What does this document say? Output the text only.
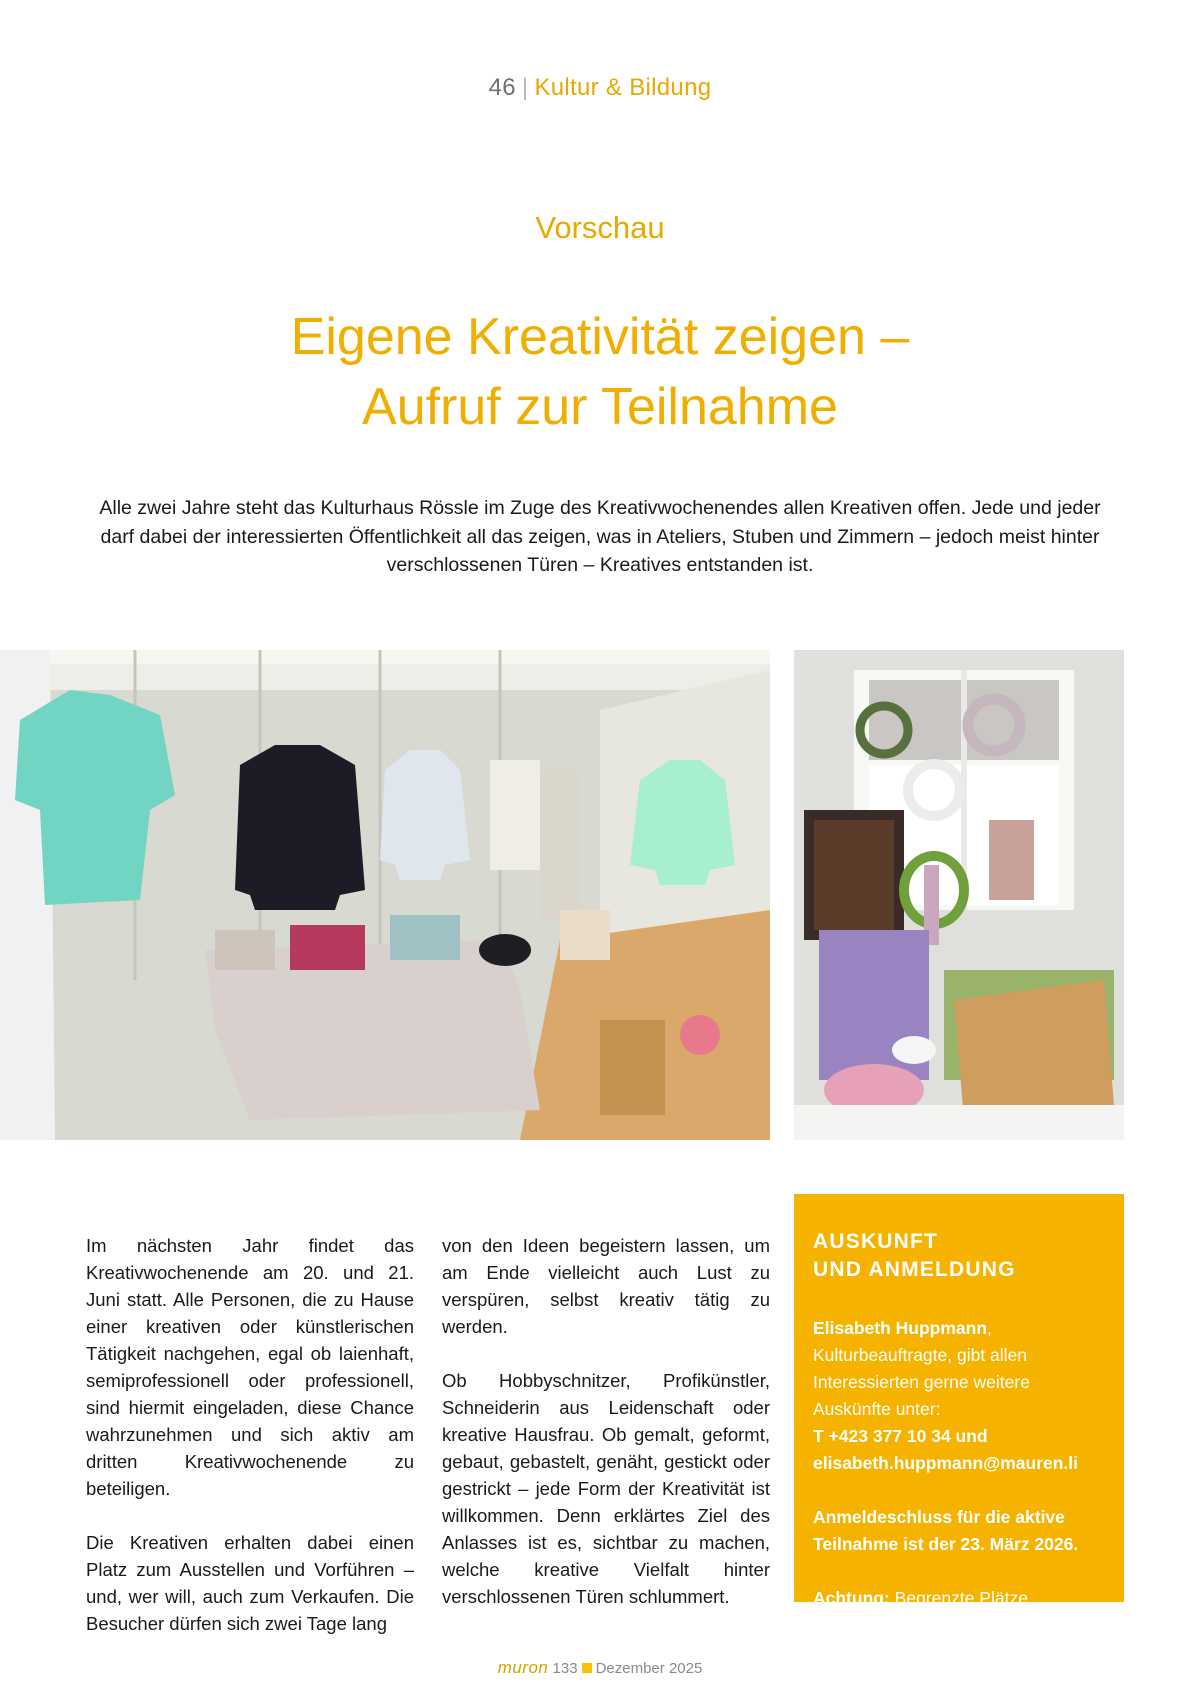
46 | Kultur & Bildung
Vorschau
Eigene Kreativität zeigen –
Aufruf zur Teilnahme
Alle zwei Jahre steht das Kulturhaus Rössle im Zuge des Kreativwochenendes allen Kreativen offen. Jede und jeder darf dabei der interessierten Öffentlichkeit all das zeigen, was in Ateliers, Stuben und Zimmern – jedoch meist hinter verschlossenen Türen – Kreatives entstanden ist.

Im nächsten Jahr findet das Kreativwochenende am 20. und 21. Juni statt. Alle Personen, die zu Hause einer kreativen oder künstlerischen Tätigkeit nachgehen, egal ob laienhaft, semiprofessionell oder professionell, sind hiermit eingeladen, diese Chance wahrzunehmen und sich aktiv am dritten Kreativwochenende zu beteiligen.

Die Kreativen erhalten dabei einen Platz zum Ausstellen und Vorführen – und, wer will, auch zum Verkaufen. Die Besucher dürfen sich zwei Tage lang

von den Ideen begeistern lassen, um am Ende vielleicht auch Lust zu verspüren, selbst kreativ tätig zu werden.

Ob Hobbyschnitzer, Profikünstler, Schneiderin aus Leidenschaft oder kreative Hausfrau. Ob gemalt, geformt, gebaut, gebastelt, genäht, gestickt oder gestrickt – jede Form der Kreativität ist willkommen. Denn erklärtes Ziel des Anlasses ist es, sichtbar zu machen, welche kreative Vielfalt hinter verschlossenen Türen schlummert.

AUSKUNFT
UND ANMELDUNG

Elisabeth Huppmann, Kulturbeauftragte, gibt allen Interessierten gerne weitere Auskünfte unter:
T +423 377 10 34 und
elisabeth.huppmann@mauren.li

Anmeldeschluss für die aktive Teilnahme ist der 23. März 2026.

Achtung: Begrenzte Plätze

muron 133 Dezember 2025
